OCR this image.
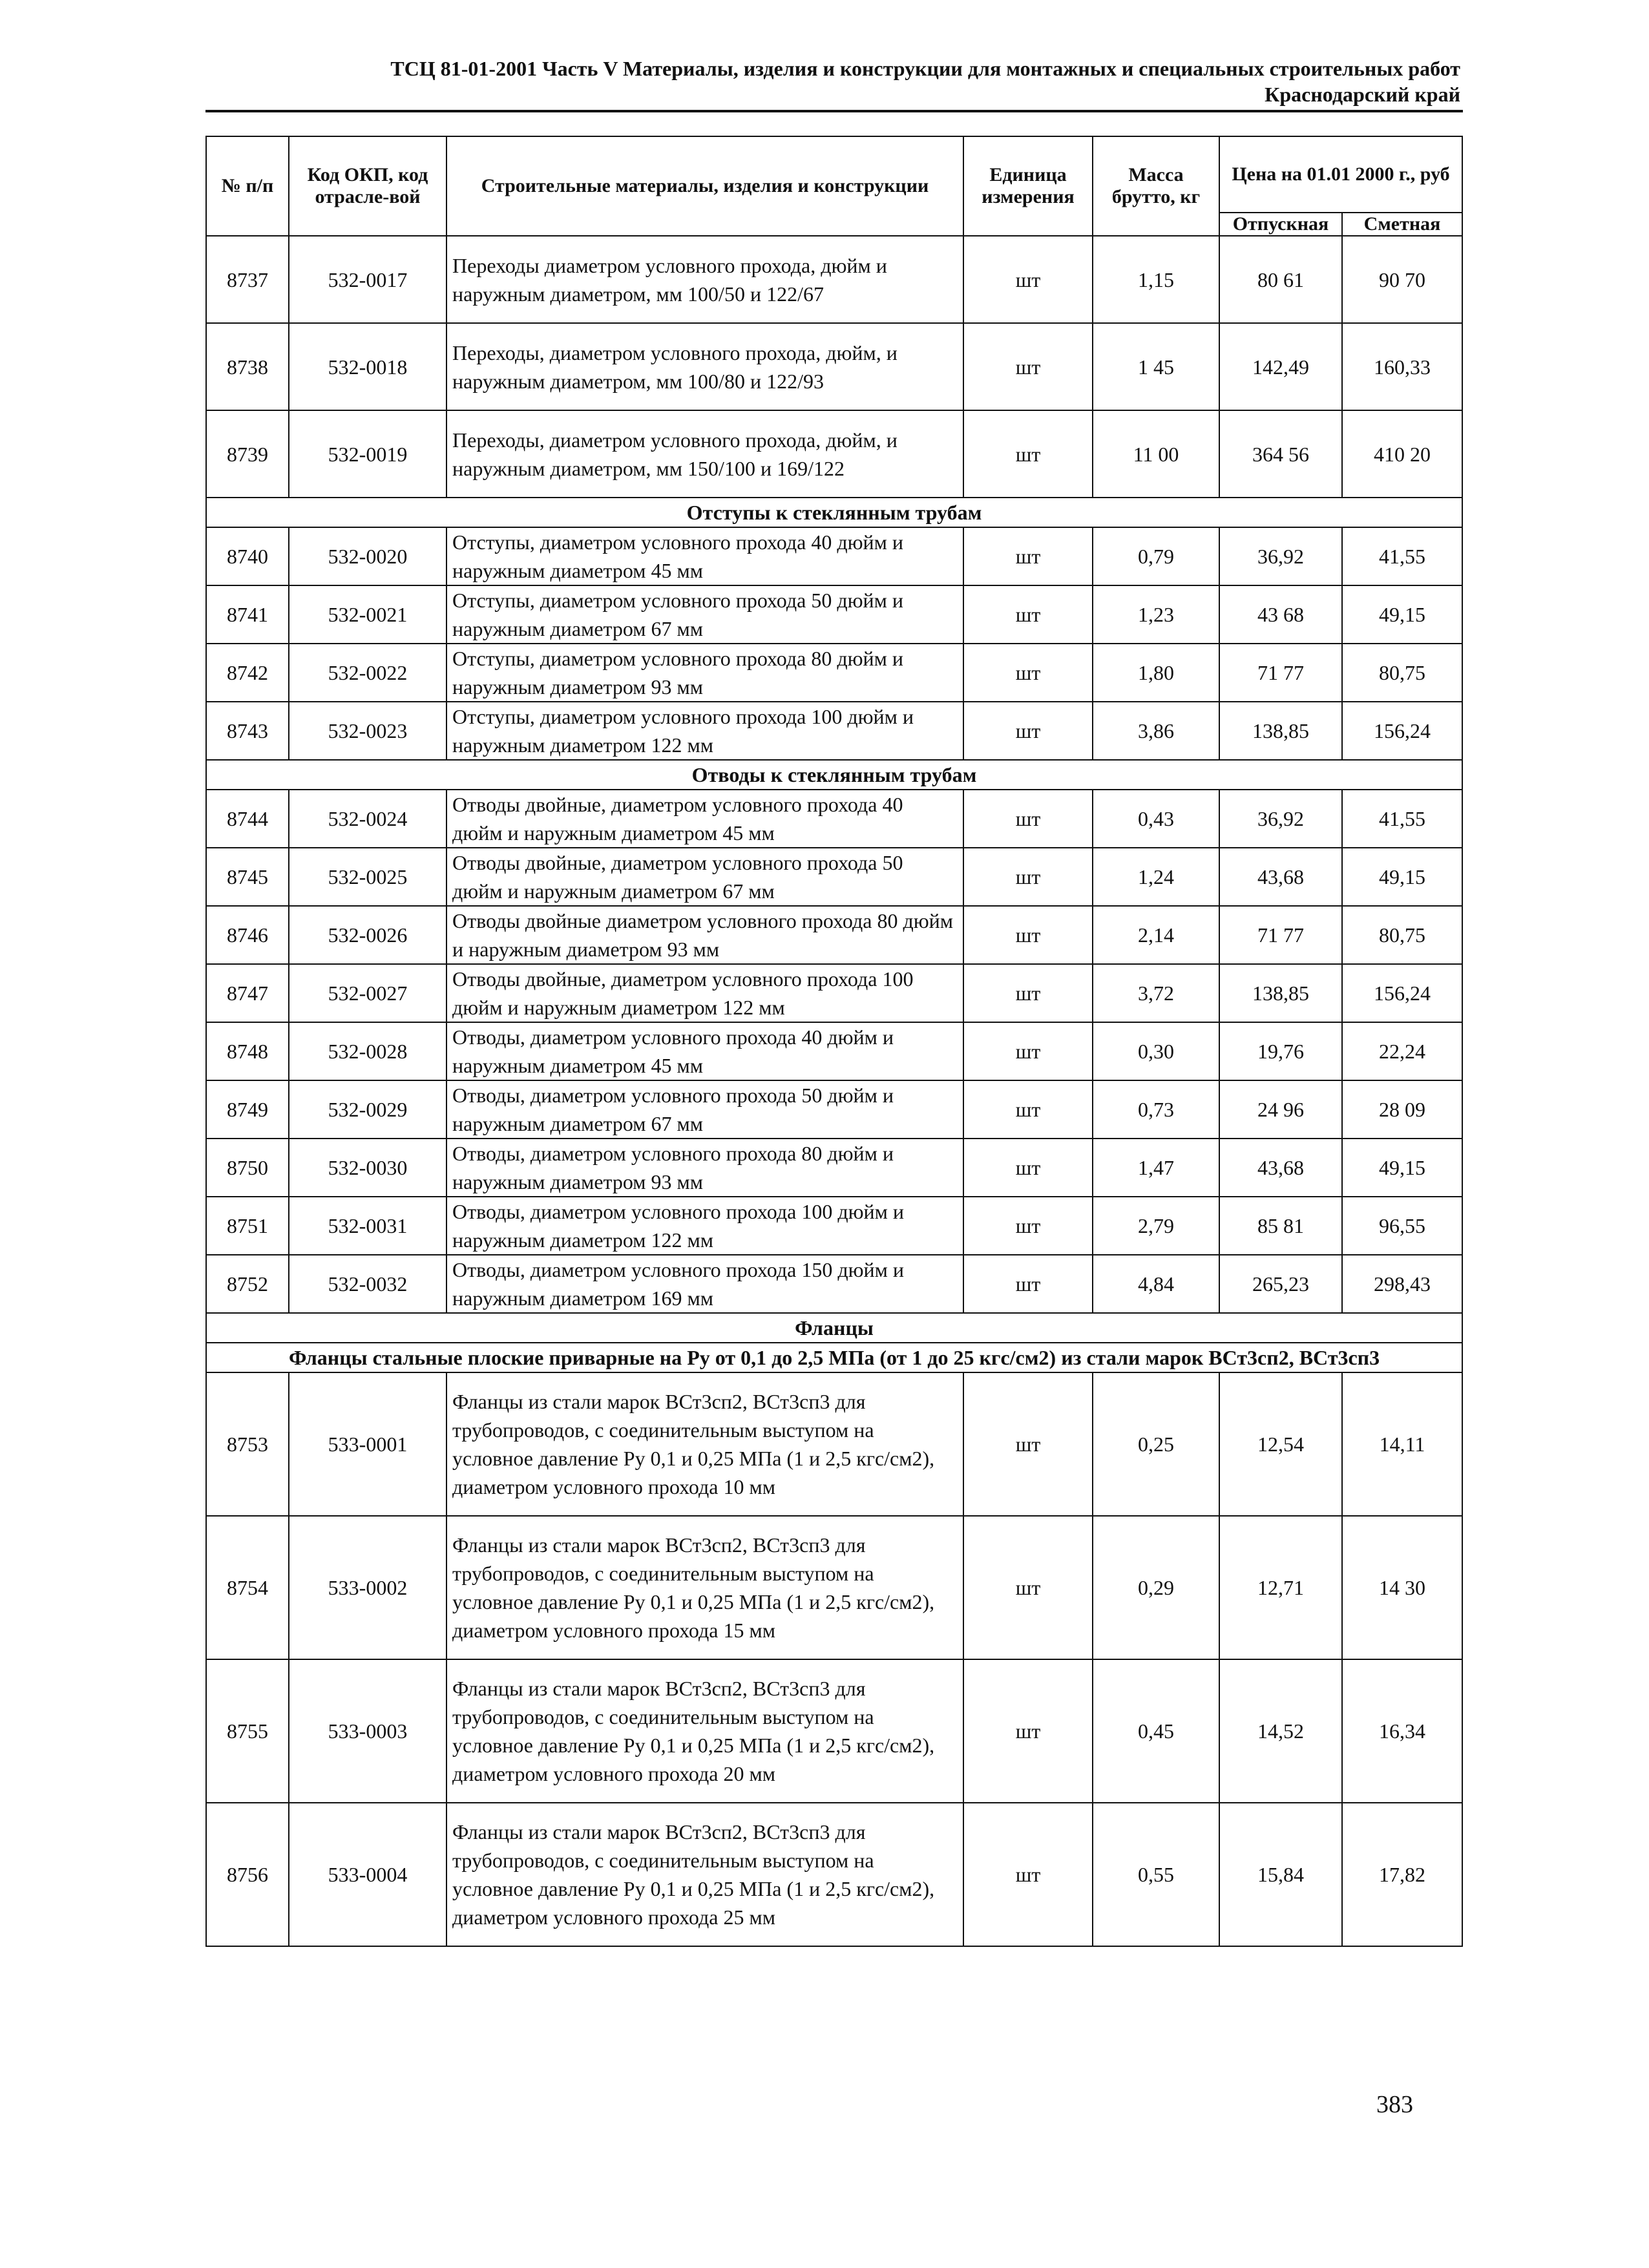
ТСЦ 81-01-2001 Часть V Материалы, изделия и конструкции для монтажных и специальных строительных работ
Краснодарский край
№ п/п	Код ОКП, код отрасле-вой	Строительные материалы, изделия и конструкции	Единица измерения	Масса брутто, кг	Цена на 01.01 2000 г., руб	
					Отпускная	Сметная
8737	532-0017	Переходы диаметром условного прохода, дюйм и наружным диаметром, мм 100/50 и 122/67	шт	1,15	80 61	90 70
8738	532-0018	Переходы, диаметром условного прохода, дюйм, и наружным диаметром, мм 100/80 и 122/93	шт	1 45	142,49	160,33
8739	532-0019	Переходы, диаметром условного прохода, дюйм, и наружным диаметром, мм 150/100 и 169/122	шт	11 00	364 56	410 20
Отступы к стеклянным трубам						
8740	532-0020	Отступы, диаметром условного прохода 40 дюйм и наружным диаметром 45 мм	шт	0,79	36,92	41,55
8741	532-0021	Отступы, диаметром условного прохода 50 дюйм и наружным диаметром 67 мм	шт	1,23	43 68	49,15
8742	532-0022	Отступы, диаметром условного прохода 80 дюйм и наружным диаметром 93 мм	шт	1,80	71 77	80,75
8743	532-0023	Отступы, диаметром условного прохода 100 дюйм и наружным диаметром 122 мм	шт	3,86	138,85	156,24
Отводы к стеклянным трубам						
8744	532-0024	Отводы двойные, диаметром условного прохода 40 дюйм и наружным диаметром 45 мм	шт	0,43	36,92	41,55
8745	532-0025	Отводы двойные, диаметром условного прохода 50 дюйм и наружным диаметром 67 мм	шт	1,24	43,68	49,15
8746	532-0026	Отводы двойные диаметром условного прохода 80 дюйм и наружным диаметром 93 мм	шт	2,14	71 77	80,75
8747	532-0027	Отводы двойные, диаметром условного прохода 100 дюйм и наружным диаметром 122 мм	шт	3,72	138,85	156,24
8748	532-0028	Отводы, диаметром условного прохода 40 дюйм и наружным диаметром 45 мм	шт	0,30	19,76	22,24
8749	532-0029	Отводы, диаметром условного прохода 50 дюйм и наружным диаметром 67 мм	шт	0,73	24 96	28 09
8750	532-0030	Отводы, диаметром условного прохода 80 дюйм и наружным диаметром 93 мм	шт	1,47	43,68	49,15
8751	532-0031	Отводы, диаметром условного прохода 100 дюйм и наружным диаметром 122 мм	шт	2,79	85 81	96,55
8752	532-0032	Отводы, диаметром условного прохода 150 дюйм и наружным диаметром 169 мм	шт	4,84	265,23	298,43
Фланцы						
Фланцы стальные плоские приварные на Ру от 0,1 до 2,5 МПа (от 1 до 25 кгс/см2) из стали марок ВСт3сп2, ВСт3сп3						
8753	533-0001	Фланцы из стали марок ВСт3сп2, ВСт3сп3 для трубопроводов, с соединительным выступом на условное давление Ру 0,1 и 0,25 МПа (1 и 2,5 кгс/см2), диаметром условного прохода 10 мм	шт	0,25	12,54	14,11
8754	533-0002	Фланцы из стали марок ВСт3сп2, ВСт3сп3 для трубопроводов, с соединительным выступом на условное давление Ру 0,1 и 0,25 МПа (1 и 2,5 кгс/см2), диаметром условного прохода 15 мм	шт	0,29	12,71	14 30
8755	533-0003	Фланцы из стали марок ВСт3сп2, ВСт3сп3 для трубопроводов, с соединительным выступом на условное давление Ру 0,1 и 0,25 МПа (1 и 2,5 кгс/см2), диаметром условного прохода 20 мм	шт	0,45	14,52	16,34
8756	533-0004	Фланцы из стали марок ВСт3сп2, ВСт3сп3 для трубопроводов, с соединительным выступом на условное давление Ру 0,1 и 0,25 МПа (1 и 2,5 кгс/см2), диаметром условного прохода 25 мм	шт	0,55	15,84	17,82
383
